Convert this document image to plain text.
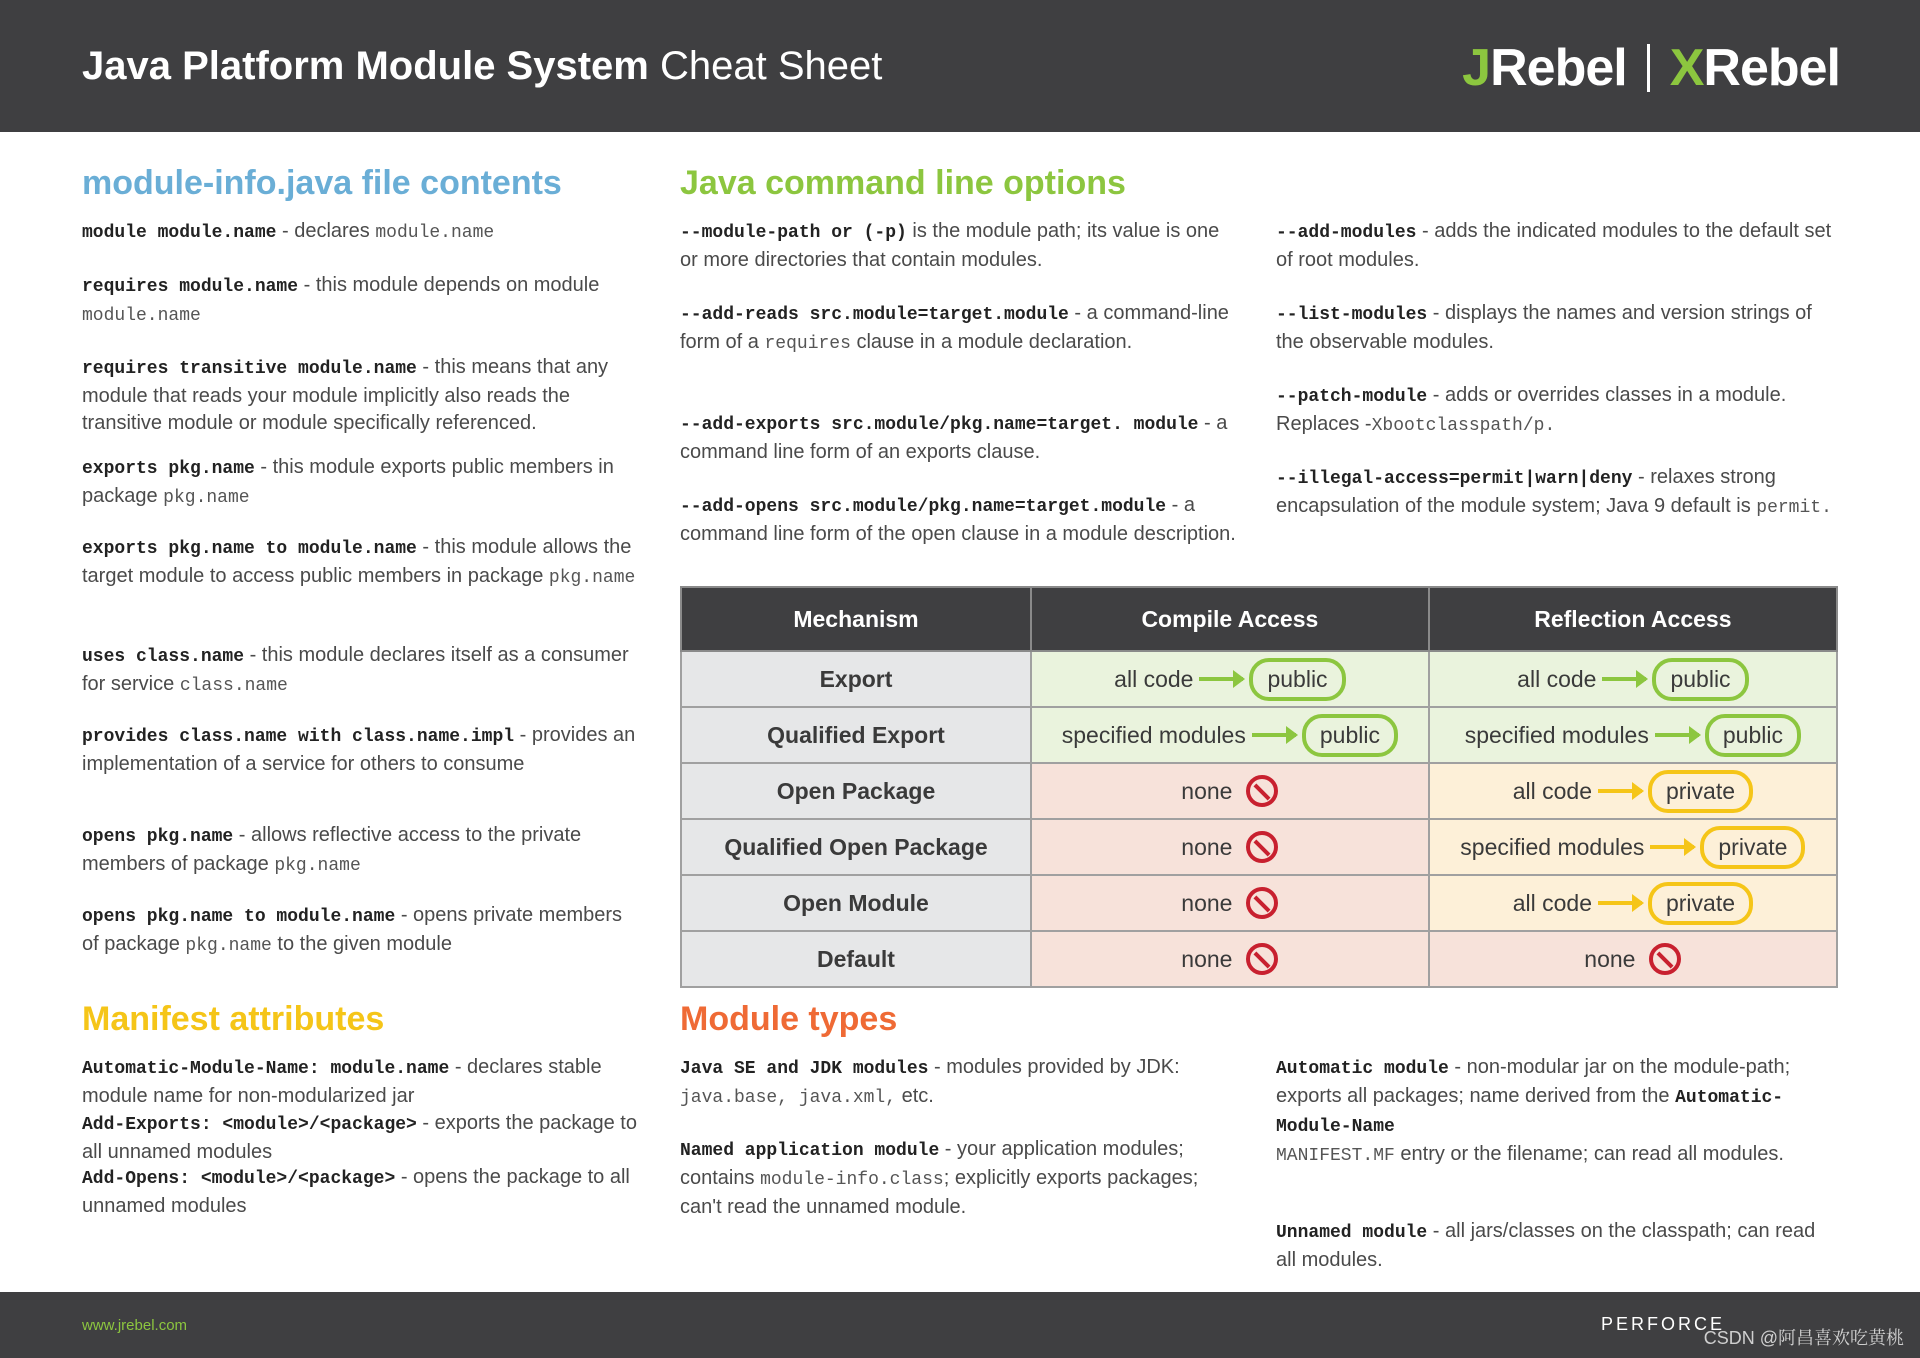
Java Platform Module System Cheat Sheet	JRebel XRebel
module-info.java file contents
module module.name - declares module.name
requires module.name - this module depends on module module.name
requires transitive module.name - this means that any module that reads your module implicitly also reads the transitive module or module specifically referenced.
exports pkg.name - this module exports public members in package pkg.name
exports pkg.name to module.name - this module allows the target module to access public members in package pkg.name
uses class.name - this module declares itself as a consumer for service class.name
provides class.name with class.name.impl - provides an implementation of a service for others to consume
opens pkg.name - allows reflective access to the private members of package pkg.name
opens pkg.name to module.name - opens private members of package pkg.name to the given module
Java command line options
--module-path or (-p) is the module path; its value is one or more directories that contain modules.
--add-reads src.module=target.module - a command-line form of a requires clause in a module declaration.
--add-exports src.module/pkg.name=target. module - a command line form of an exports clause.
--add-opens src.module/pkg.name=target.module - a command line form of the open clause in a module description.
--add-modules - adds the indicated modules to the default set of root modules.
--list-modules - displays the names and version strings of the observable modules.
--patch-module - adds or overrides classes in a module. Replaces -Xbootclasspath/p.
--illegal-access=permit|warn|deny - relaxes strong encapsulation of the module system; Java 9 default is permit.
Mechanism	Compile Access	Reflection Access
Export	all code public	all code public

Qualified Export	specified modules public	specified modules public

Open Package	none	all code private

Qualified Open Package	none	specified modules private

Open Module	none	all code private

Default	none	none
Manifest attributes
Automatic-Module-Name: module.name - declares stable module name for non-modularized jar
Add-Exports: <module>/<package> - exports the package to all unnamed modules
Add-Opens: <module>/<package> - opens the package to all unnamed modules
Module types
Java SE and JDK modules - modules provided by JDK: java.base, java.xml, etc.
Named application module - your application modules; contains module-info.class; explicitly exports packages; can't read the unnamed module.
Automatic module - non-modular jar on the module-path; exports all packages; name derived from the Automatic-Module-Name
MANIFEST.MF entry or the filename; can read all modules.
Unnamed module - all jars/classes on the classpath; can read all modules.
www.jrebel.com	PERFORCE
CSDN @阿昌喜欢吃黄桃
